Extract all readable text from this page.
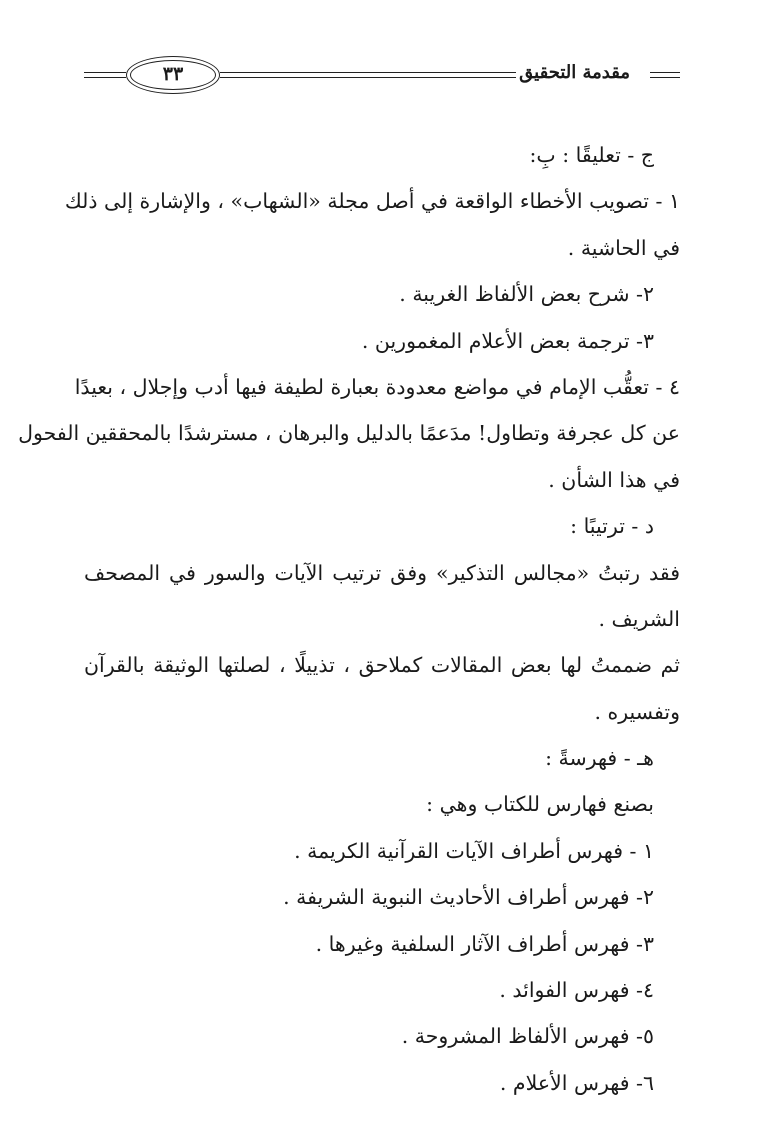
مقدمة التحقيق
٣٣
ج - تعليقًا : بِ:
١ - تصويب الأخطاء الواقعة في أصل مجلة «الشهاب» ، والإشارة إلى ذلك
في الحاشية .
٢- شرح بعض الألفاظ الغريبة .
٣- ترجمة بعض الأعلام المغمورين .
٤ - تعقُّب الإمام في مواضع معدودة بعبارة لطيفة فيها أدب وإجلال ، بعيدًا
عن كل عجرفة وتطاول! مدَعمًا بالدليل والبرهان ، مسترشدًا بالمحققين الفحول
في هذا الشأن .
د - ترتيبًا :
فقد رتبتُ «مجالس التذكير» وفق ترتيب الآيات والسور في المصحف
الشريف .
ثم ضممتُ لها بعض المقالات كملاحق ، تذييلًا ، لصلتها الوثيقة بالقرآن
وتفسيره .
هـ - فهرسةً :
بصنع فهارس للكتاب وهي :
١ - فهرس أطراف الآيات القرآنية الكريمة .
٢- فهرس أطراف الأحاديث النبوية الشريفة .
٣- فهرس أطراف الآثار السلفية وغيرها .
٤- فهرس الفوائد .
٥- فهرس الألفاظ المشروحة .
٦- فهرس الأعلام .
